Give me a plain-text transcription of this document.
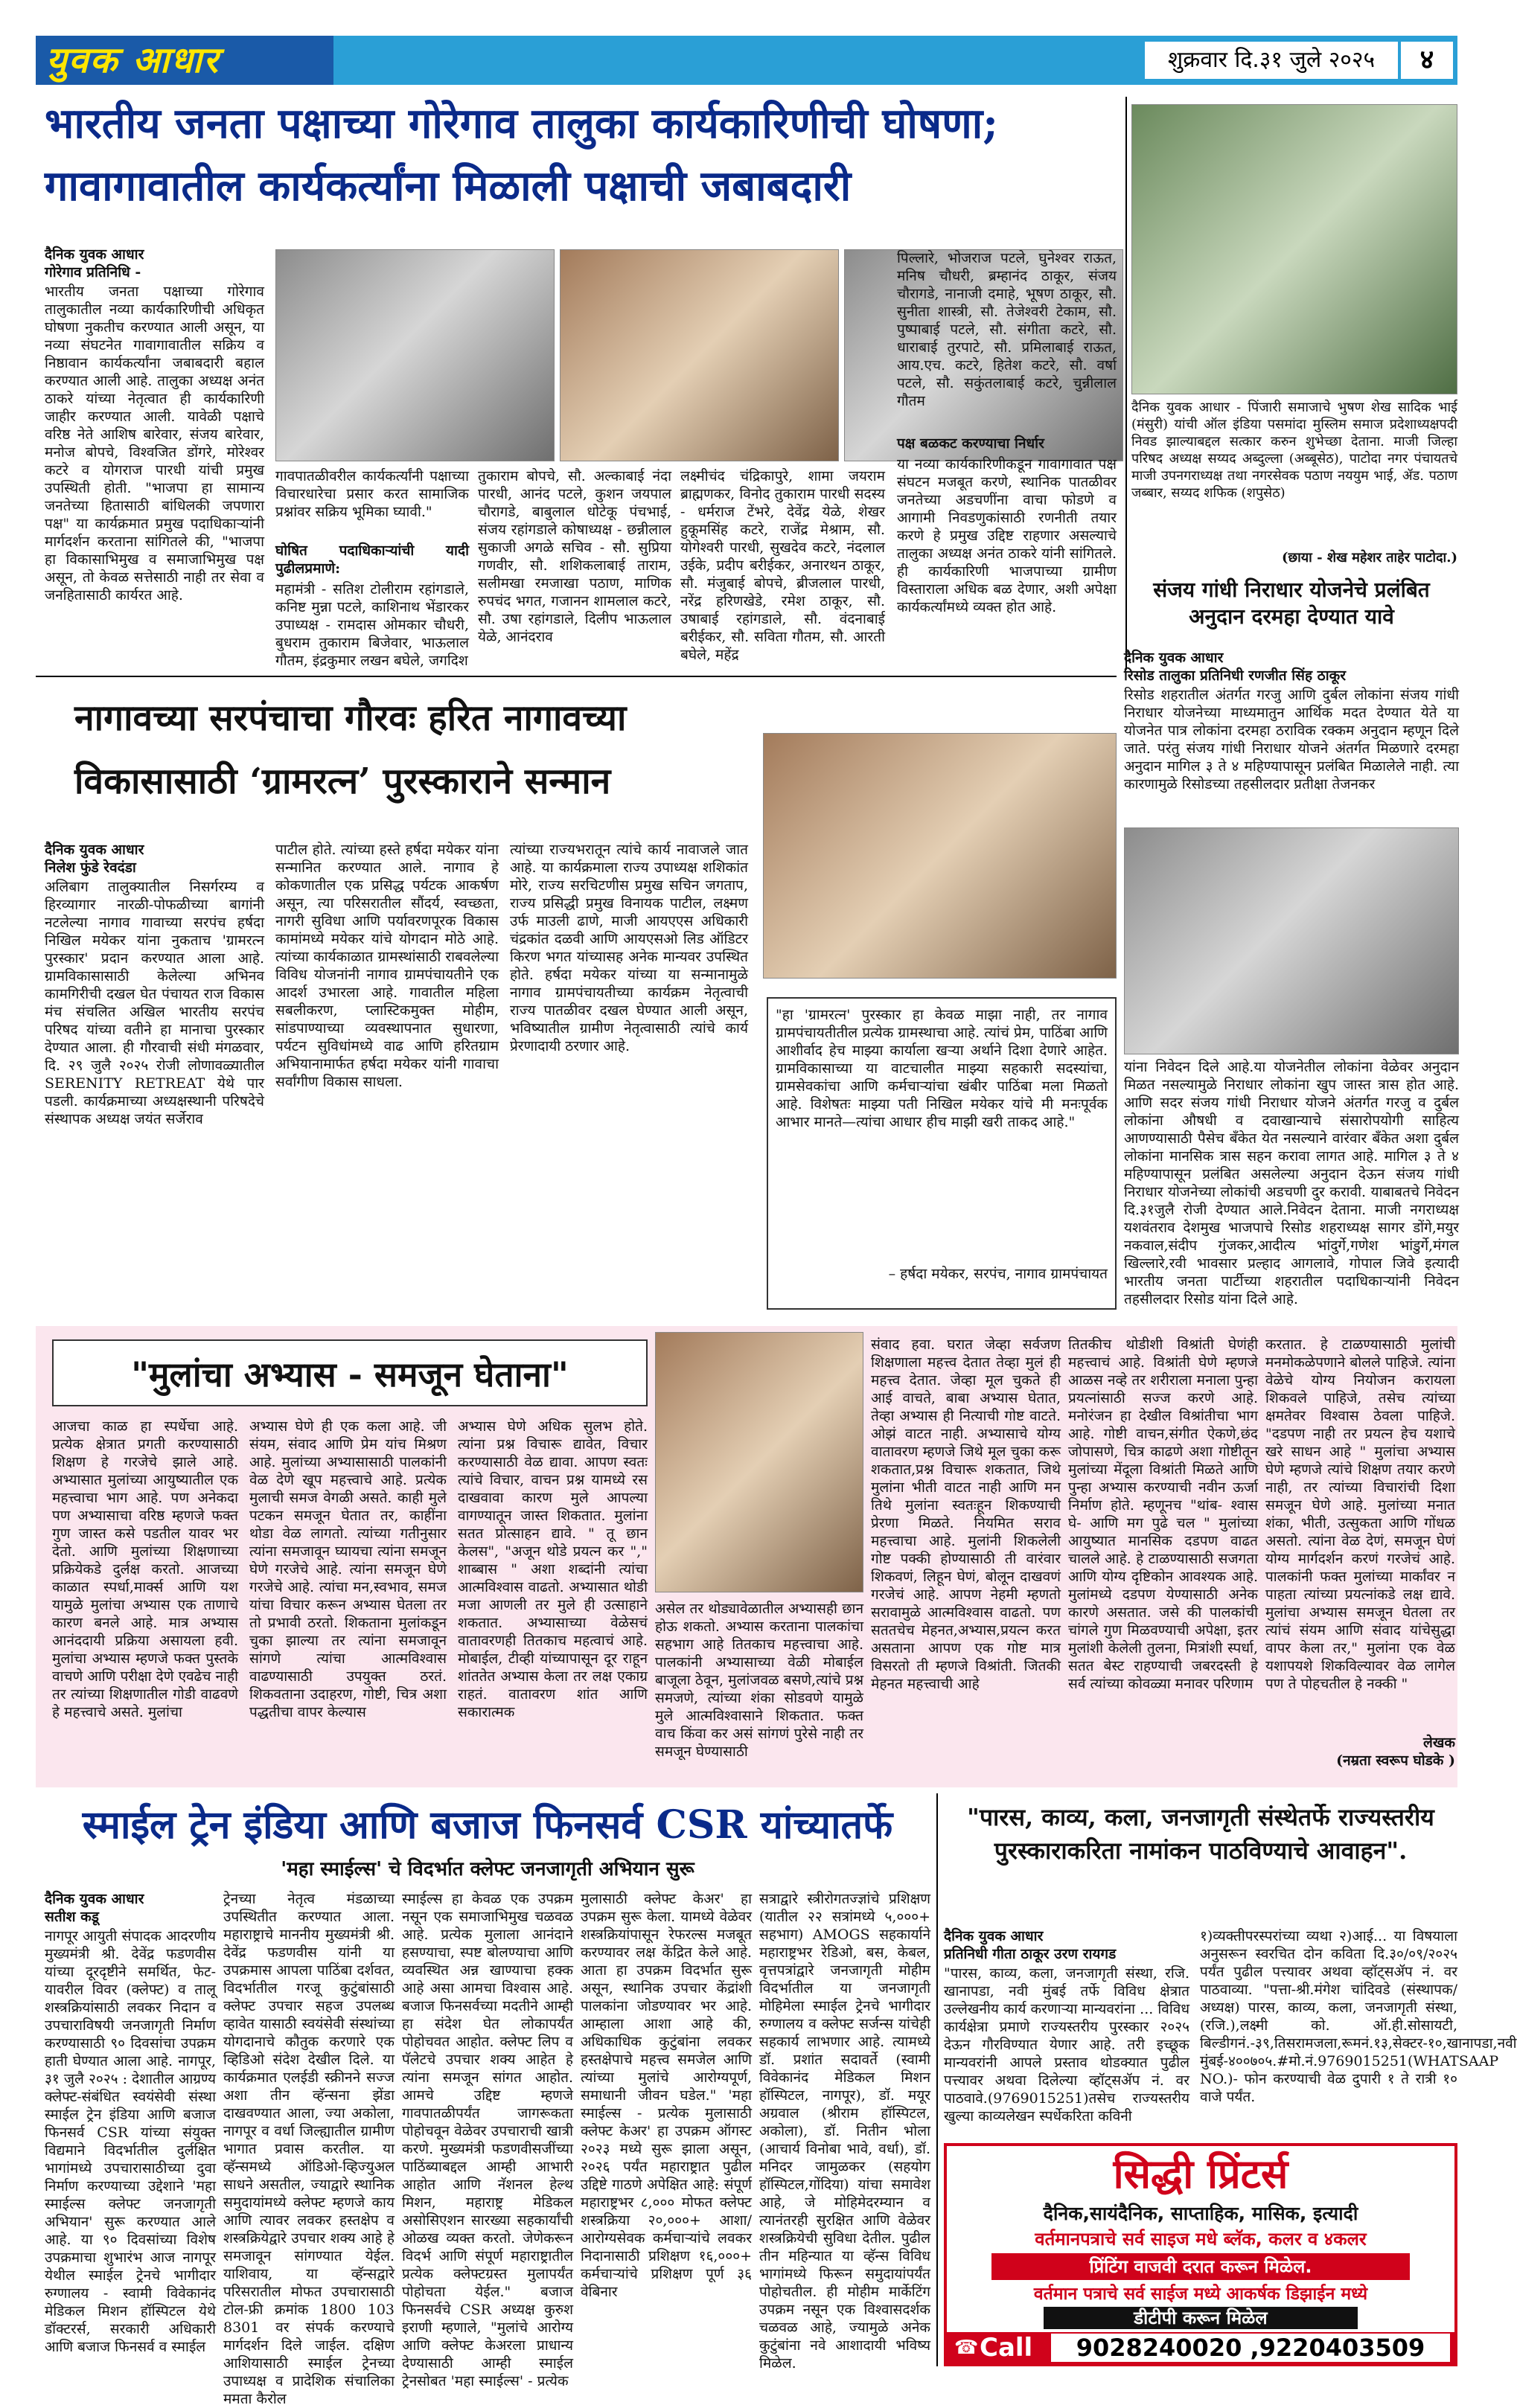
युवक आधार	शुक्रवार दि.३१ जुले २०२५	४
भारतीय जनता पक्षाच्या गोरेगाव तालुका कार्यकारिणीची घोषणा;
गावागावातील कार्यकर्त्यांना मिळाली पक्षाची जबाबदारी
दैनिक युवक आधार
गोरेगाव प्रतिनिधि -
भारतीय जनता पक्षाच्या गोरेगाव तालुकातील नव्या कार्यकारिणीची अधिकृत घोषणा नुकतीच करण्यात आली असून, या नव्या संघटनेत गावागावातील सक्रिय व निष्ठावान कार्यकर्त्यांना जबाबदारी बहाल करण्यात आली आहे. तालुका अध्यक्ष अनंत ठाकरे यांच्या नेतृत्वात ही कार्यकारिणी जाहीर करण्यात आली. यावेळी पक्षाचे वरिष्ठ नेते आशिष बारेवार, संजय बारेवार, मनोज बोपचे, विश्वजित डोंगरे, मोरेश्वर कटरे व योगराज पारधी यांची प्रमुख उपस्थिती होती. "भाजपा हा सामान्य जनतेच्या हितासाठी बांधिलकी जपणारा पक्ष" या कार्यक्रमात प्रमुख पदाधिकाऱ्यांनी मार्गदर्शन करताना सांगितले की, "भाजपा हा विकासाभिमुख व समाजाभिमुख पक्ष असून, तो केवळ सत्तेसाठी नाही तर सेवा व जनहितासाठी कार्यरत आहे.
गावपातळीवरील कार्यकर्त्यांनी पक्षाच्या विचारधारेचा प्रसार करत सामाजिक प्रश्नांवर सक्रिय भूमिका घ्यावी."
घोषित पदाधिकाऱ्यांची यादी पुढीलप्रमाणे:
महामंत्री - सतिश टोलीराम रहांगडाले, कनिष्ट मुन्ना पटले, काशिनाथ भेंडारकर उपाध्यक्ष - रामदास ओमकार चौधरी, बुधराम तुकाराम बिजेवार, भाऊलाल गौतम, इंद्रकुमार लखन बघेले, जगदिश
तुकाराम बोपचे, सौ. अल्काबाई नंदा पारधी, आनंद पटले, कुशन जयपाल चौरागडे, बाबुलाल धोटेकू पंचभाई, संजय रहांगडाले कोषाध्यक्ष - छन्नीलाल सुकाजी अगळे सचिव - सौ. सुप्रिया गणवीर, सौ. शशिकलाबाई ताराम, सलीमखा रमजाखा पठाण, माणिक रुपचंद भगत, गजानन शामलाल कटरे, सौ. उषा रहांगडाले, दिलीप भाऊलाल येळे, आनंदराव
लक्ष्मीचंद चंद्रिकापुरे, शामा जयराम ब्राह्मणकर, विनोद तुकाराम पारधी सदस्य - धर्मराज टेंभरे, देवेंद्र येळे, शेखर हुकूमसिंह कटरे, राजेंद्र मेश्राम, सौ. योगेश्वरी पारधी, सुखदेव कटरे, नंदलाल उईके, प्रदीप बरीईकर, अनारथन ठाकूर, सौ. मंजुबाई बोपचे, ब्रीजलाल पारधी, नरेंद्र हरिणखेडे, रमेश ठाकूर, सौ. उषाबाई रहांगडाले, सौ. वंदनाबाई बरीईकर, सौ. सविता गौतम, सौ. आरती बघेले, महेंद्र
पिल्लारे, भोजराज पटले, घुनेश्वर राऊत, मनिष चौधरी, ब्रम्हानंद ठाकूर, संजय चौरागडे, नानाजी दमाहे, भूषण ठाकूर, सौ. सुनीता शास्त्री, सौ. तेजेश्वरी टेकाम, सौ. पुष्पाबाई पटले, सौ. संगीता कटरे, सौ. धाराबाई तुरपाटे, सौ. प्रमिलाबाई राऊत, आय.एच. कटरे, हितेश कटरे, सौ. वर्षा पटले, सौ. सकुंतलाबाई कटरे, चुन्नीलाल गौतम
पक्ष बळकट करण्याचा निर्धार
या नव्या कार्यकारिणीकडून गावागावात पक्ष संघटन मजबूत करणे, स्थानिक पातळीवर जनतेच्या अडचणींना वाचा फोडणे व आगामी निवडणुकांसाठी रणनीती तयार करणे हे प्रमुख उद्दिष्ट राहणार असल्याचे तालुका अध्यक्ष अनंत ठाकरे यांनी सांगितले. ही कार्यकारिणी भाजपाच्या ग्रामीण विस्ताराला अधिक बळ देणार, अशी अपेक्षा कार्यकर्त्यांमध्ये व्यक्त होत आहे.
दैनिक युवक आधार - पिंजारी समाजाचे भुषण शेख सादिक भाई (मंसुरी) यांची ऑल इंडिया पसमांदा मुस्लिम समाज प्रदेशाध्यक्षपदी निवड झाल्याबद्दल सत्कार करुन शुभेच्छा देताना. माजी जिल्हा परिषद अध्यक्ष सय्यद अब्दुल्ला (अब्बूसेठ), पाटोदा नगर पंचायतचे माजी उपनगराध्यक्ष तथा नगरसेवक पठाण नययुम भाई, ॲड. पठाण जब्बार, सय्यद शफिक (शपुसेठ)
(छाया - शेख महेशर ताहेर पाटोदा.)
संजय गांधी निराधार योजनेचे प्रलंबित अनुदान दरमहा देण्यात यावे
दैनिक युवक आधार
रिसोड तालुका प्रतिनिधी रणजीत सिंह ठाकूर
रिसोड शहरातील अंतर्गत गरजु आणि दुर्बल लोकांना संजय गांधी निराधार योजनेच्या माध्यमातुन आर्थिक मदत देण्यात येते या योजनेत पात्र लोकांना दरमहा ठराविक रक्कम अनुदान म्हणून दिले जाते. परंतु संजय गांधी निराधार योजने अंतर्गत मिळणारे दरमहा अनुदान मागिल ३ ते ४ महिण्यापासून प्रलंबित मिळालेले नाही. त्या कारणामुळे रिसोडच्या तहसीलदार प्रतीक्षा तेजनकर
यांना निवेदन दिले आहे.या योजनेतील लोकांना वेळेवर अनुदान मिळत नसल्यामुळे निराधार लोकांना खुप जास्त त्रास होत आहे. आणि सदर संजय गांधी निराधार योजने अंतर्गत गरजु व दुर्बल लोकांना औषधी व दवाखान्याचे संसारोपयोगी साहित्य आणण्यासाठी पैसेच बँकेत येत नसल्याने वारंवार बँकेत अशा दुर्बल लोकांना मानसिक त्रास सहन करावा लागत आहे. मागिल ३ ते ४ महिण्यापासून प्रलंबित असलेल्या अनुदान देऊन संजय गांधी निराधार योजनेच्या लोकांची अडचणी दुर करावी. याबाबतचे निवेदन दि.३१जुलै रोजी देण्यात आले.निवेदन देताना. माजी नगराध्यक्ष यशवंतराव देशमुख भाजपाचे रिसोड शहराध्यक्ष सागर डोंगे,मयुर नकवाल,संदीप गुंजकर,आदीत्य भांदुर्गे,गणेश भांडुर्गे,मंगल खिल्लारे,रवी भावसार प्रल्हाद आगलावे, गोपाल जिवे इत्यादी भारतीय जनता पार्टीच्या शहरातील पदाधिकाऱ्यांनी निवेदन तहसीलदार रिसोड यांना दिले आहे.
नागावच्या सरपंचाचा गौरवः हरित नागावच्या
विकासासाठी ‘ग्रामरत्न’ पुरस्काराने सन्मान
दैनिक युवक आधार
निलेश फुंडे रेवदंडा
अलिबाग तालुक्यातील निसर्गरम्य व हिरव्यागार नारळी-पोफळीच्या बागांनी नटलेल्या नागाव गावाच्या सरपंच हर्षदा निखिल मयेकर यांना नुकताच 'ग्रामरत्न पुरस्कार' प्रदान करण्यात आला आहे. ग्रामविकासासाठी केलेल्या अभिनव कामगिरीची दखल घेत पंचायत राज विकास मंच संचलित अखिल भारतीय सरपंच परिषद यांच्या वतीने हा मानाचा पुरस्कार देण्यात आला. ही गौरवाची संधी मंगळवार, दि. २९ जुलै २०२५ रोजी लोणावळ्यातील SERENITY RETREAT येथे पार पडली. कार्यक्रमाच्या अध्यक्षस्थानी परिषदेचे संस्थापक अध्यक्ष जयंत सर्जेराव
पाटील होते. त्यांच्या हस्ते हर्षदा मयेकर यांना सन्मानित करण्यात आले. नागाव हे कोकणातील एक प्रसिद्ध पर्यटक आकर्षण असून, त्या परिसरातील सौंदर्य, स्वच्छता, नागरी सुविधा आणि पर्यावरणपूरक विकास कामांमध्ये मयेकर यांचे योगदान मोठे आहे. त्यांच्या कार्यकाळात ग्रामस्थांसाठी राबवलेल्या विविध योजनांनी नागाव ग्रामपंचायतीने एक आदर्श उभारला आहे. गावातील महिला सबलीकरण, प्लास्टिकमुक्त मोहीम, सांडपाण्याच्या व्यवस्थापनात सुधारणा, पर्यटन सुविधांमध्ये वाढ आणि हरितग्राम अभियानामार्फत हर्षदा मयेकर यांनी गावाचा सर्वांगीण विकास साधला.
त्यांच्या राज्यभरातून त्यांचे कार्य नावाजले जात आहे. या कार्यक्रमाला राज्य उपाध्यक्ष शशिकांत मोरे, राज्य सरचिटणीस प्रमुख सचिन जगताप, राज्य प्रसिद्धी प्रमुख विनायक पाटील, लक्ष्मण उर्फ माउली ढाणे, माजी आयएएस अधिकारी चंद्रकांत दळवी आणि आयएसओ लिड ऑडिटर किरण भगत यांच्यासह अनेक मान्यवर उपस्थित होते. हर्षदा मयेकर यांच्या या सन्मानामुळे नागाव ग्रामपंचायतीच्या कार्यक्रम नेतृत्वाची राज्य पातळीवर दखल घेण्यात आली असून, भविष्यातील ग्रामीण नेतृत्वासाठी त्यांचे कार्य प्रेरणादायी ठरणार आहे.
"हा 'ग्रामरत्न' पुरस्कार हा केवळ माझा नाही, तर नागाव ग्रामपंचायतीतील प्रत्येक ग्रामस्थाचा आहे. त्यांचं प्रेम, पाठिंबा आणि आशीर्वाद हेच माझ्या कार्याला खऱ्या अर्थाने दिशा देणारे आहेत. ग्रामविकासाच्या या वाटचालीत माझ्या सहकारी सदस्यांचा, ग्रामसेवकांचा आणि कर्मचाऱ्यांचा खंबीर पाठिंबा मला मिळतो आहे. विशेषतः माझ्या पती निखिल मयेकर यांचे मी मनःपूर्वक आभार मानते—त्यांचा आधार हीच माझी खरी ताकद आहे."
– हर्षदा मयेकर, सरपंच, नागाव ग्रामपंचायत
"मुलांचा अभ्यास - समजून घेताना"
आजचा काळ हा स्पर्धेचा आहे. प्रत्येक क्षेत्रात प्रगती करण्यासाठी शिक्षण हे गरजेचे झाले आहे. अभ्यासात मुलांच्या आयुष्यातील एक महत्त्वाचा भाग आहे. पण अनेकदा पण अभ्यासाचा वरिष्ठ म्हणजे फक्त गुण जास्त कसे पडतील यावर भर देतो. आणि मुलांच्या शिक्षणाच्या प्रक्रियेकडे दुर्लक्ष करतो. आजच्या काळात स्पर्धा,मार्क्स आणि यश यामुळे मुलांचा अभ्यास एक ताणाचे कारण बनले आहे. मात्र अभ्यास आनंददायी प्रक्रिया असायला हवी. मुलांचा अभ्यास म्हणजे फक्त पुस्तके वाचणे आणि परीक्षा देणे एवढेच नाही तर त्यांच्या शिक्षणातील गोडी वाढवणे हे महत्त्वाचे असते. मुलांचा
अभ्यास घेणे ही एक कला आहे. जी संयम, संवाद आणि प्रेम यांच मिश्रण आहे. मुलांच्या अभ्यासासाठी पालकांनी वेळ देणे खूप महत्त्वाचे आहे. प्रत्येक मुलाची समज वेगळी असते. काही मुले पटकन समजून घेतात तर, काहींना थोडा वेळ लागतो. त्यांच्या गतीनुसार त्यांना समजावून घ्यायचा त्यांना समजून घेणे गरजेचे आहे. त्यांना समजून घेणे गरजेचे आहे. त्यांचा मन,स्वभाव, समज यांचा विचार करून अभ्यास घेतला तर तो प्रभावी ठरतो. शिकताना मुलांकडून चुका झाल्या तर त्यांना समजावून सांगणे त्यांचा आत्मविश्वास वाढण्यासाठी उपयुक्त ठरतं. शिकवताना उदाहरण, गोष्टी, चित्र अशा पद्धतीचा वापर केल्यास
अभ्यास घेणे अधिक सुलभ होते. त्यांना प्रश्न विचारू द्यावेत, विचार करण्यासाठी वेळ द्यावा. आपण स्वतः त्यांचे विचार, वाचन प्रश्न यामध्ये रस दाखवावा कारण मुले आपल्या वागण्यातून जास्त शिकतात. मुलांना सतत प्रोत्साहन द्यावे. " तू छान केलस", "अजून थोडे प्रयत्न कर "," शाब्बास " अशा शब्दांनी त्यांचा आत्मविश्वास वाढतो. अभ्यासात थोडी मजा आणली तर मुले ही उत्साहाने शकतात. अभ्यासाच्या वेळेसचं वातावरणही तितकाच महत्वाचं आहे. मोबाईल, टीव्ही यांच्यापासून दूर राहून शांततेत अभ्यास केला तर लक्ष एकाग्र राहतं. वातावरण शांत आणि सकारात्मक
असेल तर थोड्यावेळातील अभ्यासही छान होऊ शकतो. अभ्यास करताना पालकांचा सहभाग आहे तितकाच महत्त्वाचा आहे. पालकांनी अभ्यासाच्या वेळी मोबाईल बाजूला ठेवून, मुलांजवळ बसणे,त्यांचे प्रश्न समजणे, त्यांच्या शंका सोडवणे यामुळे मुले आत्मविश्वासाने शिकतात. फक्त वाच किंवा कर असं सांगणं पुरेसे नाही तर समजून घेण्यासाठी
संवाद हवा. घरात जेव्हा सर्वजण शिक्षणाला महत्त्व देतात तेव्हा मुलं ही महत्त्व देतात. जेव्हा मूल चुकते ही आई वाचते, बाबा अभ्यास घेतात, तेव्हा अभ्यास ही नित्याची गोष्ट वाटते. ओझं वाटत नाही. अभ्यासाचे योग्य वातावरण म्हणजे जिथे मूल चुका करू शकतात,प्रश्न विचारू शकतात, जिथे मुलांना भीती वाटत नाही आणि मन तिथे मुलांना स्वतःहून शिकण्याची प्रेरणा मिळते. नियमित सराव महत्त्वाचा आहे. मुलांनी शिकलेली गोष्ट पक्की होण्यासाठी ती वारंवार शिकवणं, लिहून घेणं, बोलून दाखवणं गरजेचं आहे. आपण नेहमी म्हणतो सरावामुळे आत्मविश्वास वाढतो. पण सततचेच मेहनत,अभ्यास,प्रयत्न करत असताना आपण एक गोष्ट मात्र विसरतो ती म्हणजे विश्रांती. जितकी मेहनत महत्त्वाची आहे
तितकीच थोडीशी विश्रांती घेणंही महत्त्वाचं आहे. विश्रांती घेणे म्हणजे आळस नव्हे तर शरीराला मनाला पुन्हा प्रयत्नांसाठी सज्ज करणे आहे. मनोरंजन हा देखील विश्रांतीचा भाग आहे. गोष्टी वाचन,संगीत ऐकणे,छंद जोपासणे, चित्र काढणे अशा गोष्टीतून मुलांच्या मेंदूला विश्रांती मिळते आणि पुन्हा अभ्यास करण्याची नवीन ऊर्जा निर्माण होते. म्हणूनच "थांब- श्वास घे- आणि मग पुढे चल " मुलांच्या आयुष्यात मानसिक दडपण वाढत चालले आहे. हे टाळण्यासाठी सजगता आणि योग्य दृष्टिकोन आवश्यक आहे. मुलांमध्ये दडपण येण्यासाठी अनेक कारणे असतात. जसे की पालकांची चांगले गुण मिळवण्याची अपेक्षा, इतर मुलांशी केलेली तुलना, मित्रांशी स्पर्धा, सतत बेस्ट राहण्याची जबरदस्ती हे सर्व त्यांच्या कोवळ्या मनावर परिणाम
करतात. हे टाळण्यासाठी मुलांची मनमोकळेपणाने बोलले पाहिजे. त्यांना वेळेचे योग्य नियोजन करायला शिकवले पाहिजे, तसेच त्यांच्या क्षमतेवर विश्वास ठेवला पाहिजे. "दडपण नाही तर प्रयत्न हेच यशाचे खरे साधन आहे " मुलांचा अभ्यास घेणे म्हणजे त्यांचे शिक्षण तयार करणे नाही, तर त्यांच्या विचारांची दिशा समजून घेणे आहे. मुलांच्या मनात शंका, भीती, उत्सुकता आणि गोंधळ असतो. त्यांना वेळ देणं, समजून घेणं योग्य मार्गदर्शन करणं गरजेचं आहे. पालकांनी फक्त मुलांच्या मार्कांवर न पाहता त्यांच्या प्रयत्नांकडे लक्ष द्यावे. मुलांचा अभ्यास समजून घेतला तर त्यांचं संयम आणि संवाद यांचेसुद्धा वापर केला तर," मुलांना एक वेळ यशापयशे शिकविल्यावर वेळ लागेल पण ते पोहचतील हे नक्की "
लेखक
(नम्रता स्वरूप घोडके )
स्माईल ट्रेन इंडिया आणि बजाज फिनसर्व CSR यांच्यातर्फे
'महा स्माईल्स' चे विदर्भात क्लेफ्ट जनजागृती अभियान सुरू
दैनिक युवक आधार
सतीश कडू
नागपूर आयुती संपादक आदरणीय मुख्यमंत्री श्री. देवेंद्र फडणवीस यांच्या दूरदृष्टीने समर्थित, फेट-यावरील विवर (क्लेफ्ट) व तालू शस्त्रक्रियांसाठी लवकर निदान व उपचाराविषयी जनजागृती निर्माण करण्यासाठी ९० दिवसांचा उपक्रम हाती घेण्यात आला आहे. नागपूर, ३१ जुलै २०२५ : देशातील आग्रण्य क्लेफ्ट-संबंधित स्वयंसेवी संस्था स्माईल ट्रेन इंडिया आणि बजाज फिनसर्व CSR यांच्या संयुक्त विद्यमाने विदर्भातील दुर्लक्षित भागांमध्ये उपचारासाठीच्या दुवा निर्माण करण्याच्या उद्देशाने 'महा स्माईल्स क्लेफ्ट जनजागृती अभियान' सुरू करण्यात आले आहे. या ९० दिवसांच्या विशेष उपक्रमाचा शुभारंभ आज नागपूर येथील स्माईल ट्रेनचे भागीदार रुग्णालय - स्वामी विवेकानंद मेडिकल मिशन हॉस्पिटल येथे डॉक्टरर्स, सरकारी अधिकारी आणि बजाज फिनसर्व व स्माईल
ट्रेनच्या नेतृत्व मंडळाच्या उपस्थितीत करण्यात आला. महाराष्ट्राचे माननीय मुख्यमंत्री श्री. देवेंद्र फडणवीस यांनी या उपक्रमास आपला पाठिंबा दर्शवत, विदर्भातील गरजू कुटुंबांसाठी क्लेफ्ट उपचार सहज उपलब्ध व्हावेत यासाठी स्वयंसेवी संस्थांच्या योगदानाचे कौतुक करणारे एक व्हिडिओ संदेश देखील दिले. या कार्यक्रमात एलईडी स्क्रीनने सज्ज अशा तीन व्हॅन्सना झेंडा दाखवण्यात आला, ज्या अकोला, नागपूर व वर्धा जिल्ह्यातील ग्रामीण भागात प्रवास करतील. या व्हॅन्समध्ये ऑडिओ-व्हिज्युअल साधने असतील, ज्याद्वारे स्थानिक समुदायांमध्ये क्लेफ्ट म्हणजे काय आणि त्यावर लवकर हस्तक्षेप व शस्त्रक्रियेद्वारे उपचार शक्य आहे हे समजावून सांगण्यात येईल. याशिवाय, या व्हॅन्सद्वारे परिसरातील मोफत उपचारासाठी टोल-फ्री क्रमांक 1800 103 8301 वर संपर्क करण्याचे मार्गदर्शन दिले जाईल. दक्षिण आशियासाठी स्माईल ट्रेनच्या उपाध्यक्ष व प्रादेशिक संचालिका ममता कैरोल
स्माईल्स हा केवळ एक उपक्रम नसून एक समाजाभिमुख चळवळ आहे. प्रत्येक मुलाला आनंदाने हसण्याचा, स्पष्ट बोलण्याचा आणि व्यवस्थित अन्न खाण्याचा हक्क आहे असा आमचा विश्वास आहे. बजाज फिनसर्वच्या मदतीने आम्ही हा संदेश घेत लोकापर्यंत पोहोचवत आहोत. क्लेफ्ट लिप व पॅलेटचे उपचार शक्य आहेत हे त्यांना समजून सांगत आहोत. आमचे उद्दिष्ट म्हणजे गावपातळीपर्यंत जागरूकता पोहोचवून वेळेवर उपचाराची खात्री करणे. मुख्यमंत्री फडणवीसजींच्या पाठिंब्याबद्दल आम्ही आभारी आहोत आणि नॅशनल हेल्थ मिशन, महाराष्ट्र मेडिकल असोसिएशन सारख्या सहकार्यांची ओळख व्यक्त करतो. जेणेकरून विदर्भ आणि संपूर्ण महाराष्ट्रातील प्रत्येक क्लेफ्टग्रस्त मुलापर्यंत पोहोचता येईल." बजाज फिनसर्वचे CSR अध्यक्ष कुरुश इराणी म्हणाले, "मुलांचे आरोग्य आणि क्लेफ्ट केअरला प्राधान्य देण्यासाठी आम्ही स्माईल ट्रेनसोबत 'महा स्माईल्स' - प्रत्येक
मुलासाठी क्लेफ्ट केअर' हा उपक्रम सुरू केला. यामध्ये वेळेवर शस्त्रक्रियांपासून रेफरल्स मजबूत करण्यावर लक्ष केंद्रित केले आहे. आता हा उपक्रम विदर्भात सुरू असून, स्थानिक उपचार केंद्रांशी पालकांना जोडण्यावर भर आहे. आम्हाला आशा आहे की, अधिकाधिक कुटुंबांना लवकर हस्तक्षेपाचे महत्त्व समजेल आणि त्यांच्या मुलांचे आरोग्यपूर्ण, समाधानी जीवन घडेल." 'महा स्माईल्स - प्रत्येक मुलासाठी क्लेफ्ट केअर' हा उपक्रम ऑगस्ट २०२३ मध्ये सुरू झाला असून, २०२६ पर्यंत महाराष्ट्रात पुढील उद्दिष्टे गाठणे अपेक्षित आहे: संपूर्ण महाराष्ट्रभर ८,००० मोफत क्लेफ्ट शस्त्रक्रिया २०,०००+ आशा/आरोग्यसेवक कर्मचाऱ्यांचे लवकर निदानासाठी प्रशिक्षण १६,०००+ कर्मचाऱ्यांचे प्रशिक्षण पूर्ण ३६ वेबिनार
सत्राद्वारे स्त्रीरोगतज्ज्ञांचे प्रशिक्षण (यातील २२ सत्रांमध्ये ५,०००+ सहभाग) AMOGS सहकार्याने महाराष्ट्रभर रेडिओ, बस, केबल, वृत्तपत्रांद्वारे जनजागृती मोहीम विदर्भातील या जनजागृती मोहिमेला स्माईल ट्रेनचे भागीदार रुग्णालय व क्लेफ्ट सर्जन्स यांचेही सहकार्य लाभणार आहे. त्यामध्ये डॉ. प्रशांत सदावर्ते (स्वामी विवेकानंद मेडिकल मिशन हॉस्पिटल, नागपूर), डॉ. मयूर अग्रवाल (श्रीराम हॉस्पिटल, अकोला), डॉ. नितीन भोला (आचार्य विनोबा भावे, वर्धा), डॉ. मनिदर जामुळकर (सहयोग हॉस्पिटल,गोंदिया) यांचा समावेश आहे, जे मोहिमेदरम्यान व त्यानंतरही सुरक्षित आणि वेळेवर शस्त्रक्रियेची सुविधा देतील. पुढील तीन महिन्यात या व्हॅन्स विविध भागांमध्ये फिरून समुदायांपर्यंत पोहोचतील. ही मोहीम मार्केटिंग उपक्रम नसून एक विश्वासदर्शक चळवळ आहे, ज्यामुळे अनेक कुटुंबांना नवे आशादायी भविष्य मिळेल.
"पारस, काव्य, कला, जनजागृती संस्थेतर्फे राज्यस्तरीय पुरस्काराकरिता नामांकन पाठविण्याचे आवाहन".
दैनिक युवक आधार
प्रतिनिधी गीता ठाकूर उरण रायगड
"पारस, काव्य, कला, जनजागृती संस्था, रजि. खानापडा, नवी मुंबई तर्फे विविध क्षेत्रात उल्लेखनीय कार्य करणाऱ्या मान्यवरांना ... विविध कार्यक्षेत्रा प्रमाणे राज्यस्तरीय पुरस्कार २०२५ देऊन गौरविण्यात येणार आहे. तरी इच्छूक मान्यवरांनी आपले प्रस्ताव थोडक्यात पुढील पत्त्यावर अथवा दिलेल्या व्हॉट्सॲप नं. वर पाठवावे.(9769015251)तसेच राज्यस्तरीय खुल्या काव्यलेखन स्पर्धेकरिता कविनी
१)व्यक्तीपरस्परांच्या व्यथा २)आई... या विषयाला अनुसरून स्वरचित दोन कविता दि.३०/०९/२०२५ पर्यंत पुढील पत्त्यावर अथवा व्हॉट्सॲप नं. वर पाठवाव्या. "पत्ता-श्री.मंगेश चांदिवडे (संस्थापक/अध्यक्ष) पारस, काव्य, कला, जनजागृती संस्था,(रजि.),लक्ष्मी को. ऑ.ही.सोसायटी, बिल्डीगनं.-३९,तिसरामजला,रूमनं.१३,सेक्टर-१०,खानापडा,नवी मुंबई-४००७०५.#मो.नं.9769015251(WHATSAAP NO.)- फोन करण्याची वेळ दुपारी १ ते रात्री १० वाजे पर्यंत.
सिद्धी प्रिंटर्स
दैनिक,सायंदैनिक, साप्ताहिक, मासिक, इत्यादी
वर्तमानपत्राचे सर्व साइज मधे ब्लॅक, कलर व ४कलर
प्रिंटिंग वाजवी दरात करून मिळेल.
वर्तमान पत्राचे सर्व साईज मध्ये आकर्षक डिझाईन मध्ये
डीटीपी करून मिळेल
☎ Call	9028240020 ,9220403509
